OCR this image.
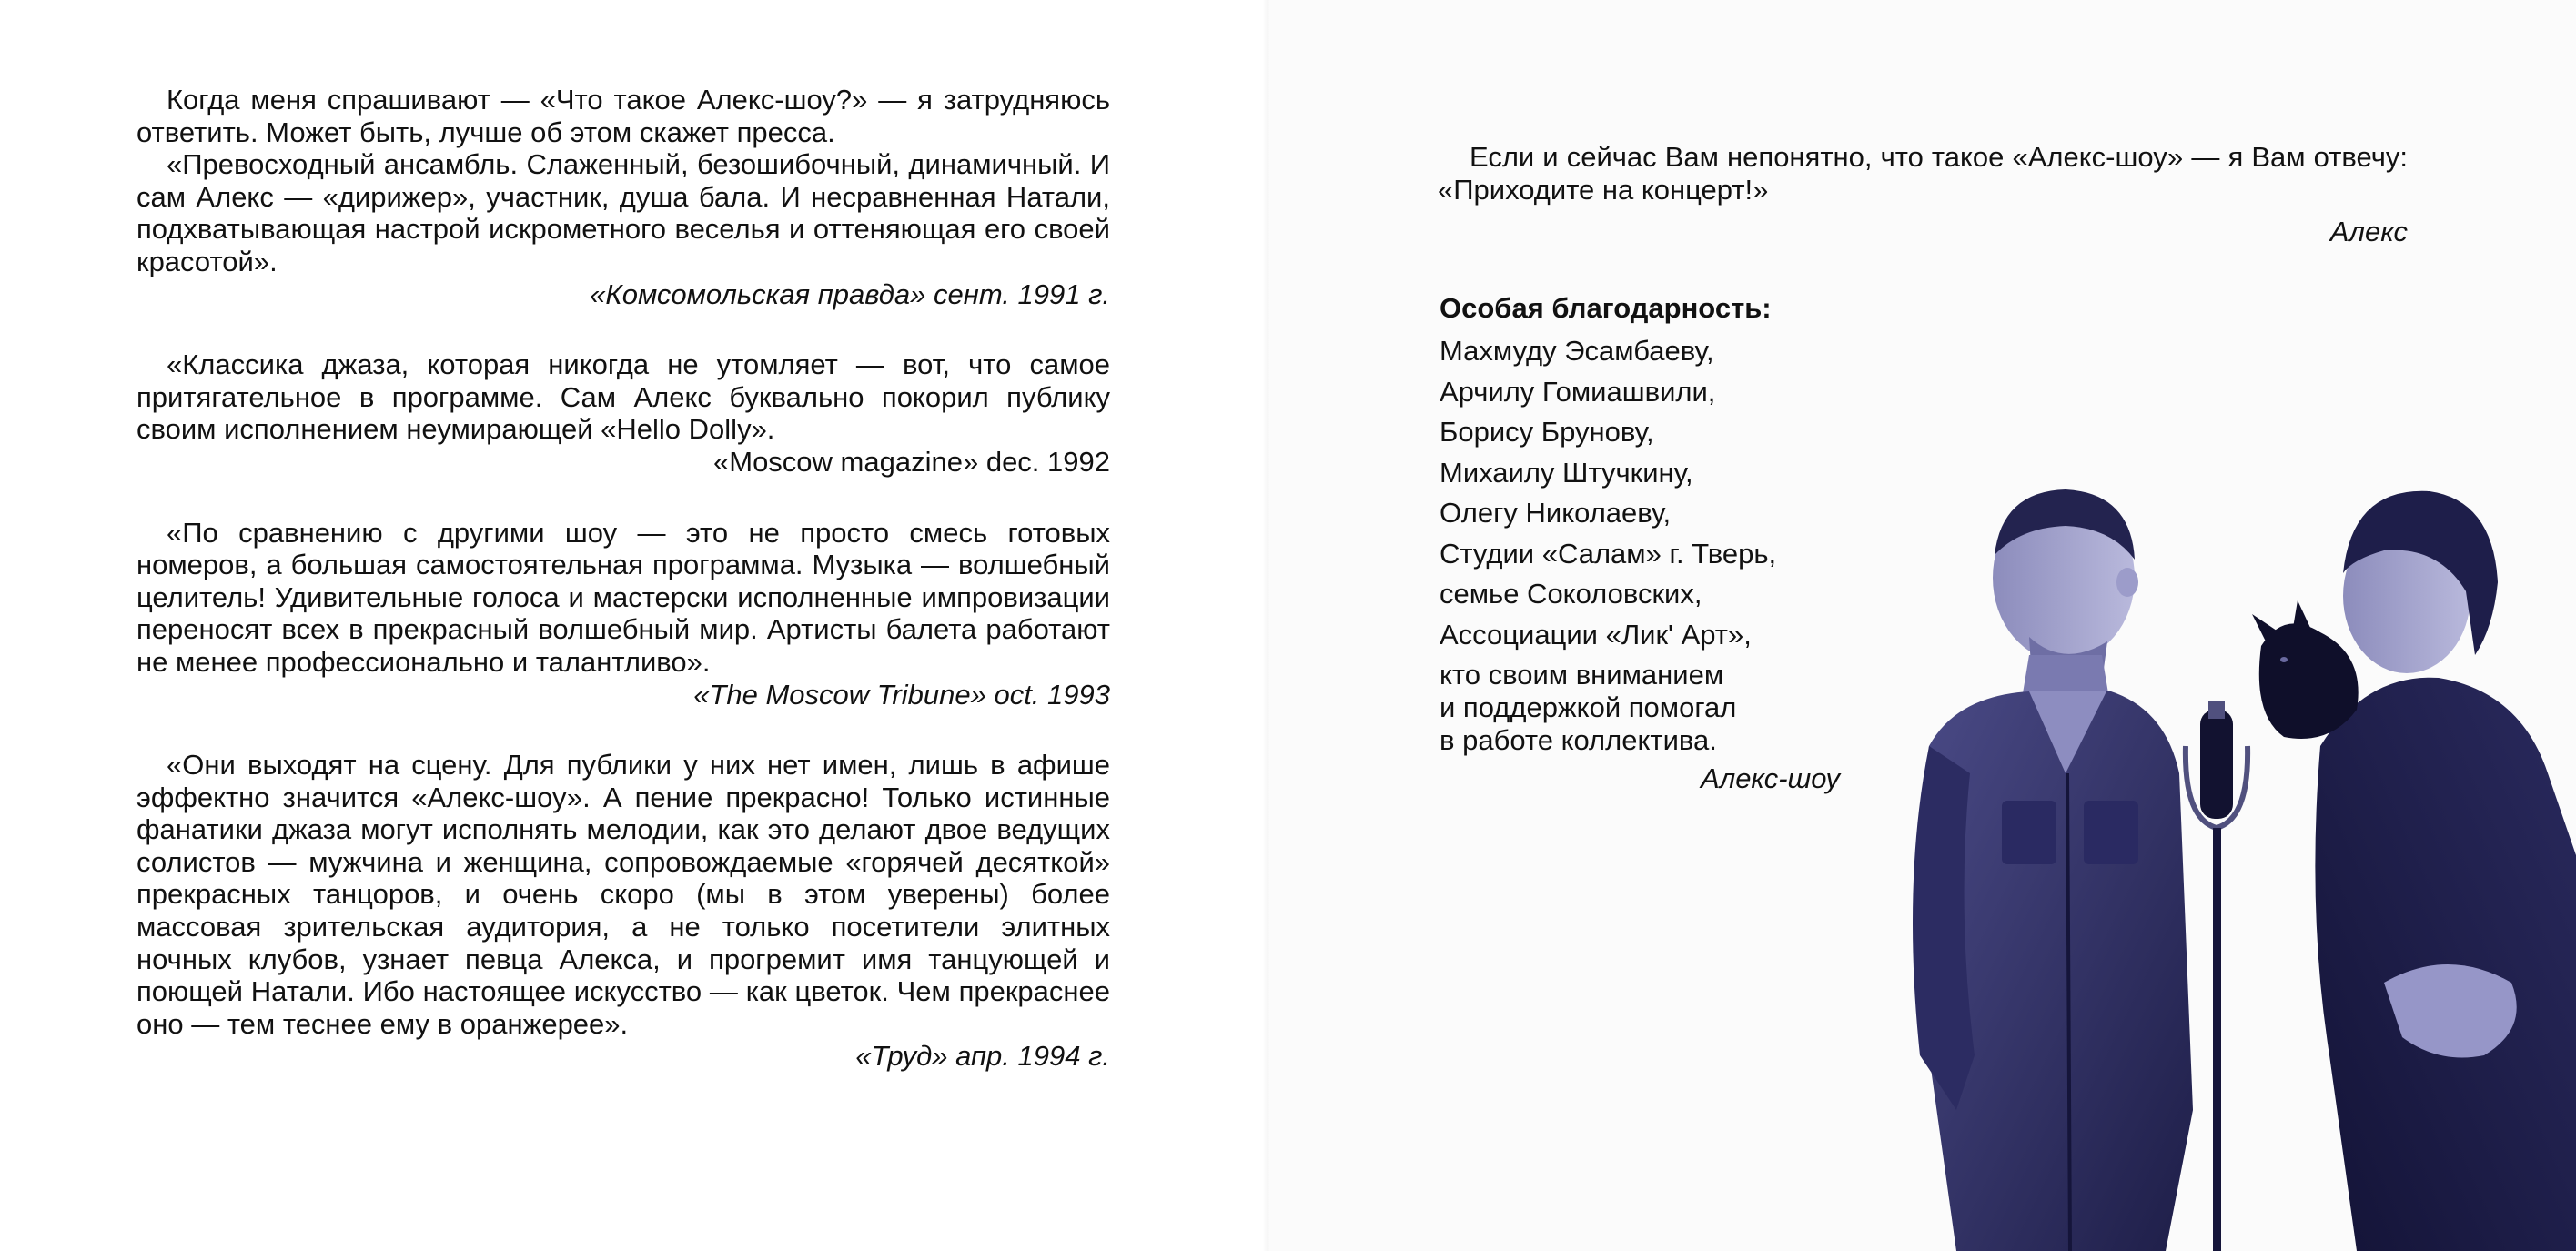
Когда меня спрашивают — «Что такое Алекс-шоу?» — я затрудняюсь ответить. Может быть, лучше об этом скажет пресса.

«Превосходный ансамбль. Слаженный, безошибочный, динамичный. И сам Алекс — «дирижер», участник, душа бала. И несравненная Натали, подхватывающая настрой искрометного веселья и оттеняющая его своей красотой».

«Комсомольская правда» сент. 1991 г.

«Классика джаза, которая никогда не утомляет — вот, что самое притягательное в программе. Сам Алекс буквально покорил публику своим исполнением неумирающей «Hello Dolly».

«Moscow magazine» dec. 1992

«По сравнению с другими шоу — это не просто смесь готовых номеров, а большая самостоятельная программа. Музыка — волшебный целитель! Удивительные голоса и мастерски исполненные импровизации переносят всех в прекрасный волшебный мир. Артисты балета работают не менее профессионально и талантливо».

«The Moscow Tribune» oct. 1993

«Они выходят на сцену. Для публики у них нет имен, лишь в афише эффектно значится «Алекс-шоу». А пение прекрасно! Только истинные фанатики джаза могут исполнять мелодии, как это делают двое ведущих солистов — мужчина и женщина, сопровождаемые «горячей десяткой» прекрасных танцоров, и очень скоро (мы в этом уверены) более массовая зрительская аудитория, а не только посетители элитных ночных клубов, узнает певца Алекса, и прогремит имя танцующей и поющей Натали. Ибо настоящее искусство — как цветок. Чем прекраснее оно — тем теснее ему в оранжерее».

«Труд» апр. 1994 г.

Если и сейчас Вам непонятно, что такое «Алекс-шоу» — я Вам отвечу: «Приходите на концерт!»

Алекс
Особая благодарность:
Махмуду Эсамбаеву,
Арчилу Гомиашвили,
Борису Брунову,
Михаилу Штучкину,
Олегу Николаеву,
Студии «Салам» г. Тверь,
семье Соколовских,
Ассоциации «Лик' Арт»,
кто своим вниманием
и поддержкой помогал
в работе коллектива.
Алекс-шоу
